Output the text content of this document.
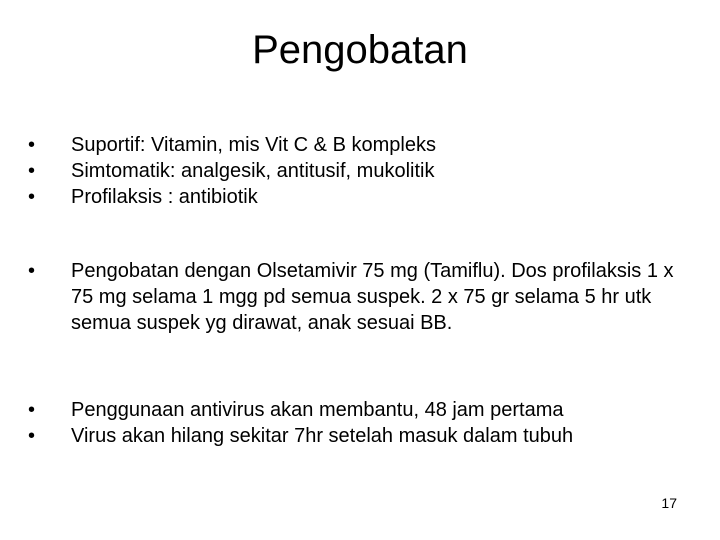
Pengobatan
•	Suportif: Vitamin, mis Vit C & B kompleks
•	Simtomatik: analgesik, antitusif, mukolitik
•	Profilaksis : antibiotik
•	Pengobatan dengan Olsetamivir 75 mg (Tamiflu). Dos profilaksis 1 x 75 mg selama 1 mgg pd semua suspek. 2 x 75 gr selama 5 hr utk semua suspek yg dirawat, anak sesuai BB.
•	Penggunaan antivirus akan membantu, 48 jam pertama
•	Virus akan hilang sekitar 7hr setelah masuk dalam tubuh
17
